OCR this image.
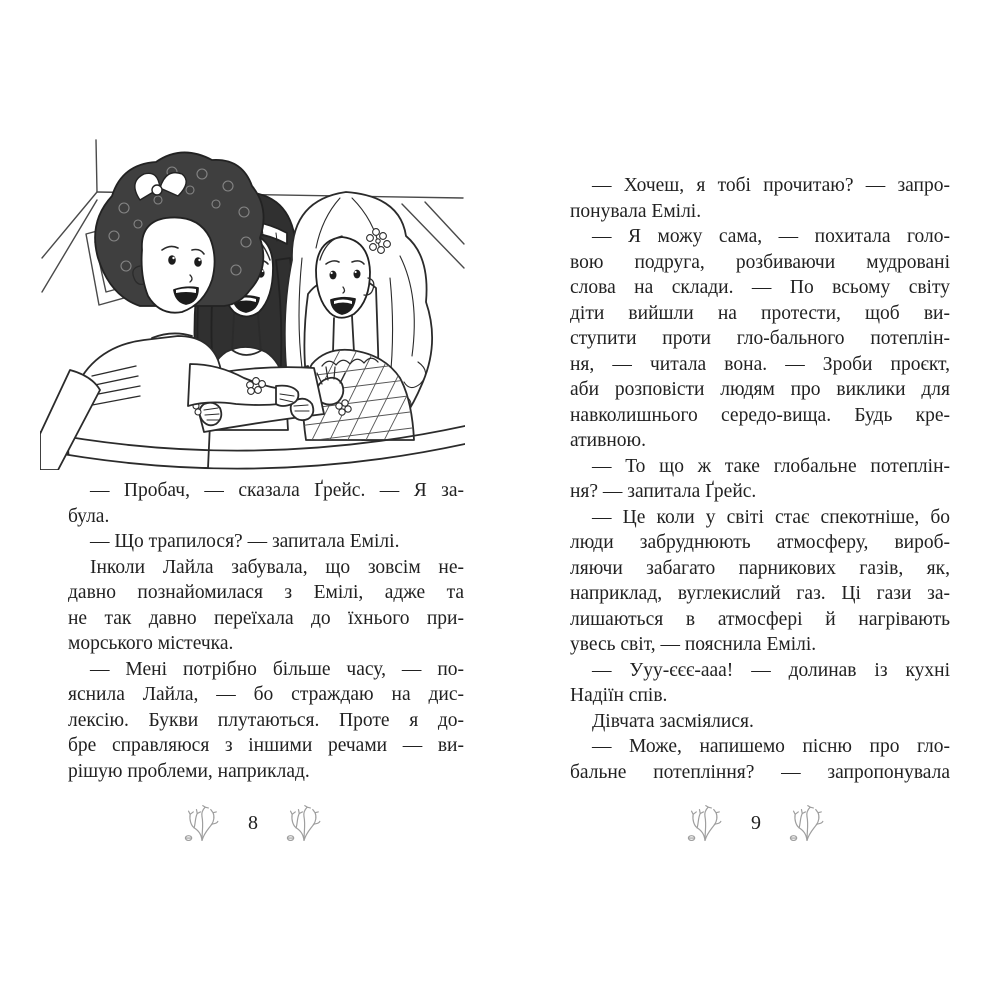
— Пробач, — сказала Ґрейс. — Я за-
була.
— Що трапилося? — запитала Емілі.
Інколи Лайла забувала, що зовсім не-
давно познайомилася з Емілі, адже та
не так давно переїхала до їхнього при-
морського містечка.
— Мені потрібно більше часу, — по-
яснила Лайла, — бо страждаю на дис-
лексію. Букви плутаються. Проте я до-
бре справляюся з іншими речами — ви-
рішую проблеми, наприклад.
8
— Хочеш, я тобі прочитаю? — запро-
понувала Емілі.
— Я можу сама, — похитала голо-
вою подруга, розбиваючи мудровані
слова на склади. — По всьому світу
діти вийшли на протести, щоб ви-
ступити проти гло-бального потеплін-
ня, — читала вона. — Зроби проєкт,
аби розповісти людям про виклики для
навколишнього середо-вища. Будь кре-
ативною.
— То що ж таке глобальне потеплін-
ня? — запитала Ґрейс.
— Це коли у світі стає спекотніше, бо
люди забруднюють атмосферу, вироб-
ляючи забагато парникових газів, як,
наприклад, вуглекислий газ. Ці гази за-
лишаються в атмосфері й нагрівають
увесь світ, — пояснила Емілі.
— Ууу-єєє-ааа! — долинав із кухні
Надіїн спів.
Дівчата засміялися.
— Може, напишемо пісню про гло-
бальне потепління? — запропонувала
9
